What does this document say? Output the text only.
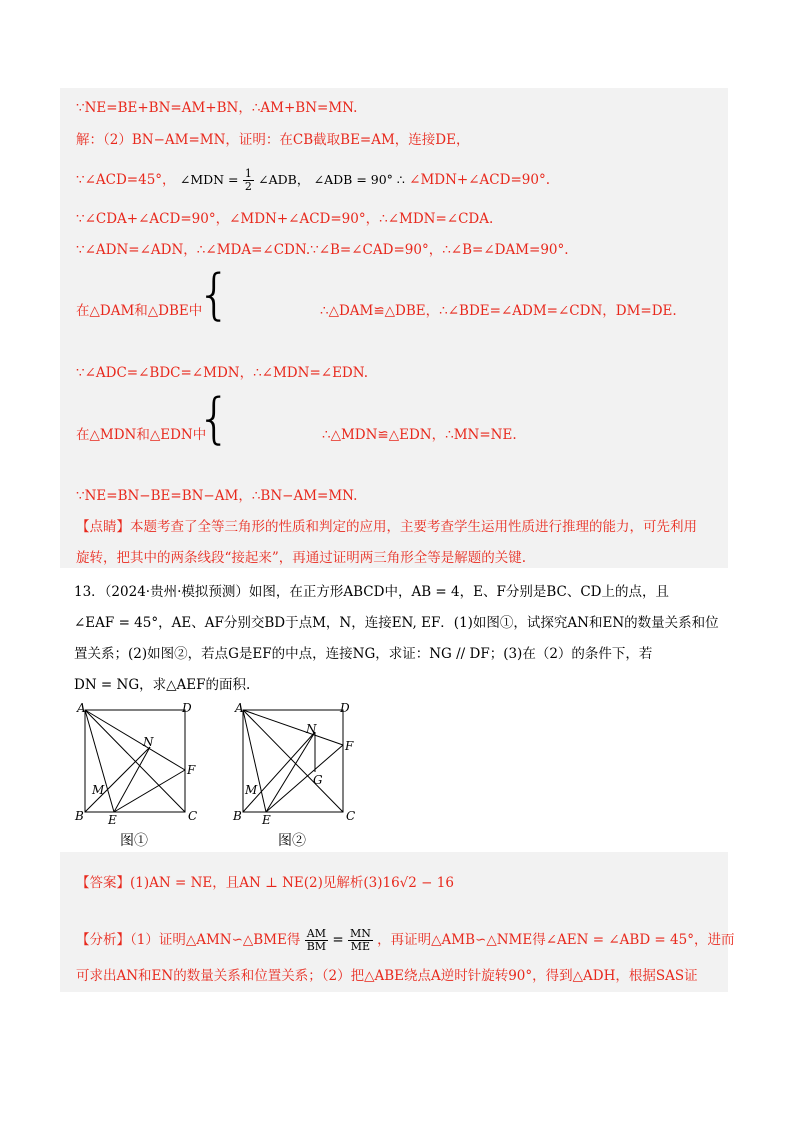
∵NE=BE+BN=AM+BN，∴AM+BN=MN.
解：（2）BN−AM=MN，证明：在CB截取BE=AM，连接DE，
∵∠ACD=45°， ∠MDN = $\frac{1}{2}$ ∠ADB， ∠ADB = 90° ∴ ∠MDN+∠ACD=90°.
∵∠CDA+∠ACD=90°，∠MDN+∠ACD=90°，∴∠MDN=∠CDA.
∵∠ADN=∠ADN，∴∠MDA=∠CDN.∵∠B=∠CAD=90°，∴∠B=∠DAM=90°.
在△DAM和△DBE中
{	∴△DAM≌△DBE，∴∠BDE=∠ADM=∠CDN，DM=DE.
∵∠ADC=∠BDC=∠MDN，∴∠MDN=∠EDN.
在△MDN和△EDN中
{	∴△MDN≌△EDN，∴MN=NE.
∵NE=BN−BE=BN−AM，∴BN−AM=MN.
【点睛】本题考查了全等三角形的性质和判定的应用，主要考查学生运用性质进行推理的能力，可先利用
旋转，把其中的两条线段“接起来”，再通过证明两三角形全等是解题的关键.
13．（2024·贵州·模拟预测）如图，在正方形ABCD中，AB = 4，E、F分别是BC、CD上的点，且
∠EAF = 45°，AE、AF分别交BD于点M，N，连接EN, EF．(1)如图①，试探究AN和EN的数量关系和位
置关系；(2)如图②，若点G是EF的中点，连接NG，求证：NG // DF；(3)在（2）的条件下，若
DN = NG，求△AEF的面积.
A	D
B	C
E
F
M
N
图①
A	D
B	C
E
F
M
N
G
图②
【答案】(1)AN = NE，且AN ⊥ NE(2)见解析(3)16√2 − 16
【分析】（1）证明△AMN∽△BME得 $\frac{AM}{BM} = \frac{MN}{ME}$ ，再证明△AMB∽△NME得∠AEN = ∠ABD = 45°，进而
可求出AN和EN的数量关系和位置关系；（2）把△ABE绕点A逆时针旋转90°，得到△ADH，根据SAS证
